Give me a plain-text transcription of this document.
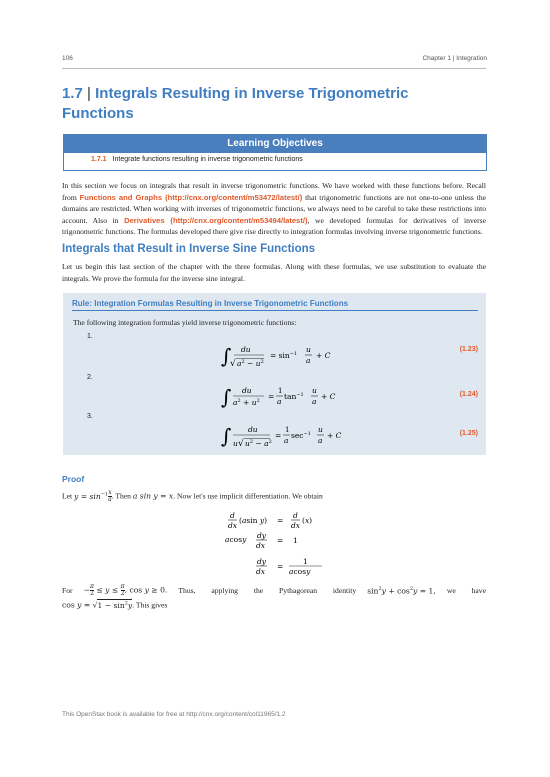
106	Chapter 1 | Integration
1.7 | Integrals Resulting in Inverse Trigonometric
Functions
Learning Objectives
1.7.1 Integrate functions resulting in inverse trigonometric functions
In this section we focus on integrals that result in inverse trigonometric functions. We have worked with these functions before. Recall from Functions and Graphs (http://cnx.org/content/m53472/latest/) that trigonometric functions are not one-to-one unless the domains are restricted. When working with inverses of trigonometric functions, we always need to be careful to take these restrictions into account. Also in Derivatives (http://cnx.org/content/m53494/latest/), we developed formulas for derivatives of inverse trigonometric functions. The formulas developed there give rise directly to integration formulas involving inverse trigonometric functions.
Integrals that Result in Inverse Sine Functions
Let us begin this last section of the chapter with the three formulas. Along with these formulas, we use substitution to evaluate the integrals. We prove the formula for the inverse sine integral.
Rule: Integration Formulas Resulting in Inverse Trigonometric Functions
The following integration formulas yield inverse trigonometric functions:
1.
(1.23)
2.
(1.24)
3.
(1.25)
∫ du
√ $a^2 - u^2$
= $\sin^{-1} u$
a
+ C
∫ du
$a^2 + u^2$ =
1
a
$\tan^{-1} u$
a
+ C
∫ du
u √ $u^2 - a^2$
=
1
a
$\sec^{-1} u$
a
+ C
Proof
Let $y = \sin^{-1} \frac{x}{a}$ . Then a sin y = x. Now let's use implicit differentiation. We obtain
d
dx
(asin y) =
d
dx
(x)
acosy dy
dx
= 1
dy
dx
=
1
acosy
For − $\frac{\pi}{2} \le y \le \frac{\pi}{2}$ , cos y ≥ 0. Thus, applying the Pythagorean identity $\sin^2y + \cos^2y = 1$, we have
$\cos y = √1 - \sin^2y$. This gives
This OpenStax book is available for free at http://cnx.org/content/col11965/1.2
